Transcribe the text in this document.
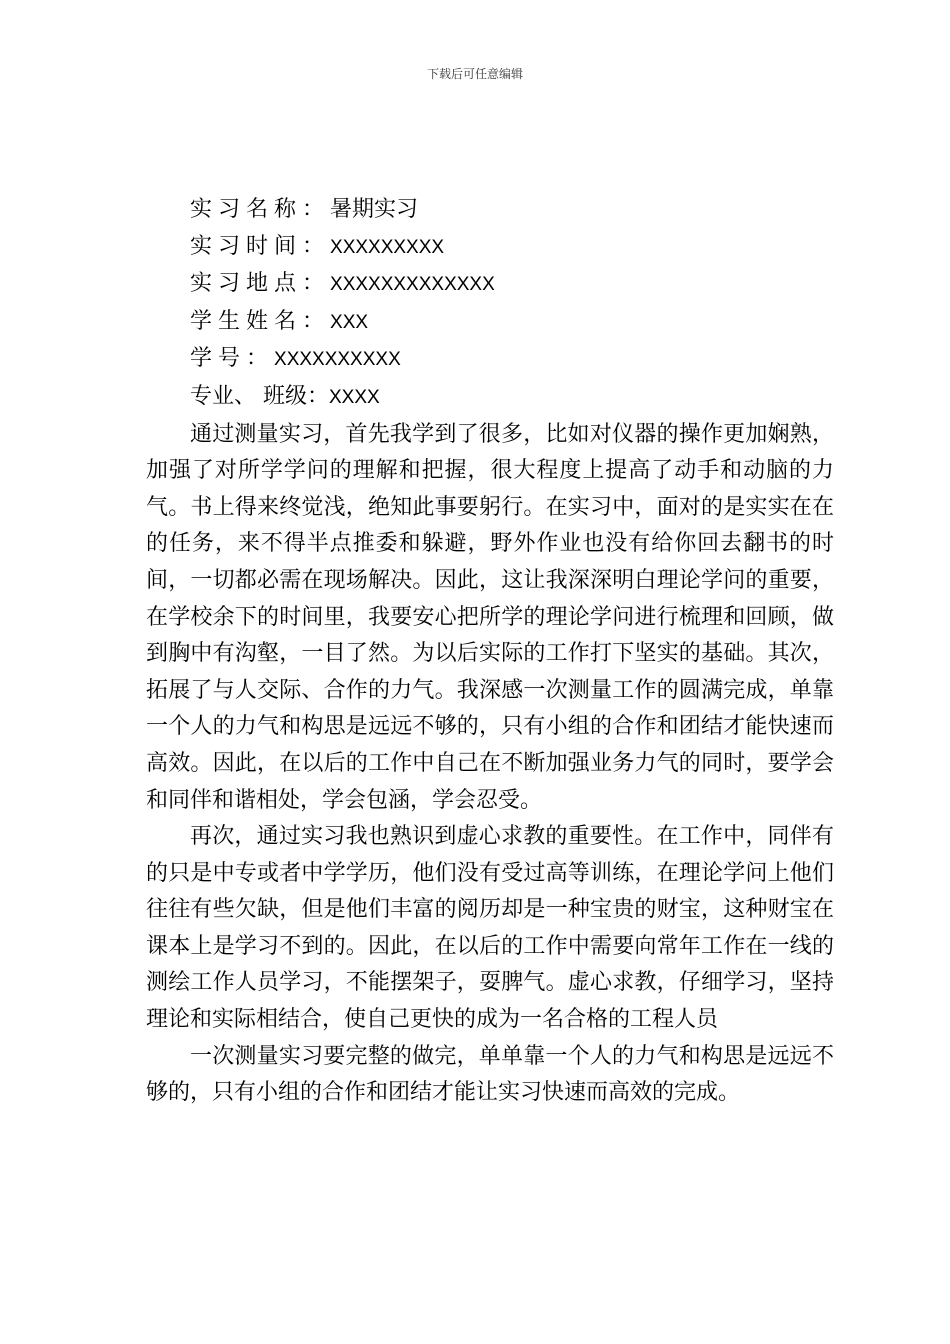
下载后可任意编辑

实习名称：暑期实习

实习时间：XXXXXXXXX

实习地点：XXXXXXXXXXXXX

学生姓名：XXX

学号：XXXXXXXXXX

专业、 班级：XXXX

通过测量实习，首先我学到了很多，比如对仪器的操作更加娴熟，加强了对所学学问的理解和把握，很大程度上提高了动手和动脑的力气。书上得来终觉浅，绝知此事要躬行。在实习中，面对的是实实在在的任务，来不得半点推委和躲避，野外作业也没有给你回去翻书的时间，一切都必需在现场解决。因此，这让我深深明白理论学问的重要，在学校余下的时间里，我要安心把所学的理论学问进行梳理和回顾，做到胸中有沟壑，一目了然。为以后实际的工作打下坚实的基础。其次，拓展了与人交际、合作的力气。我深感一次测量工作的圆满完成，单靠一个人的力气和构思是远远不够的，只有小组的合作和团结才能快速而高效。因此，在以后的工作中自己在不断加强业务力气的同时，要学会和同伴和谐相处，学会包涵，学会忍受。

再次，通过实习我也熟识到虚心求教的重要性。在工作中，同伴有的只是中专或者中学学历，他们没有受过高等训练，在理论学问上他们往往有些欠缺，但是他们丰富的阅历却是一种宝贵的财宝，这种财宝在课本上是学习不到的。因此，在以后的工作中需要向常年工作在一线的测绘工作人员学习，不能摆架子，耍脾气。虚心求教，仔细学习，坚持理论和实际相结合，使自己更快的成为一名合格的工程人员

一次测量实习要完整的做完，单单靠一个人的力气和构思是远远不够的，只有小组的合作和团结才能让实习快速而高效的完成。
